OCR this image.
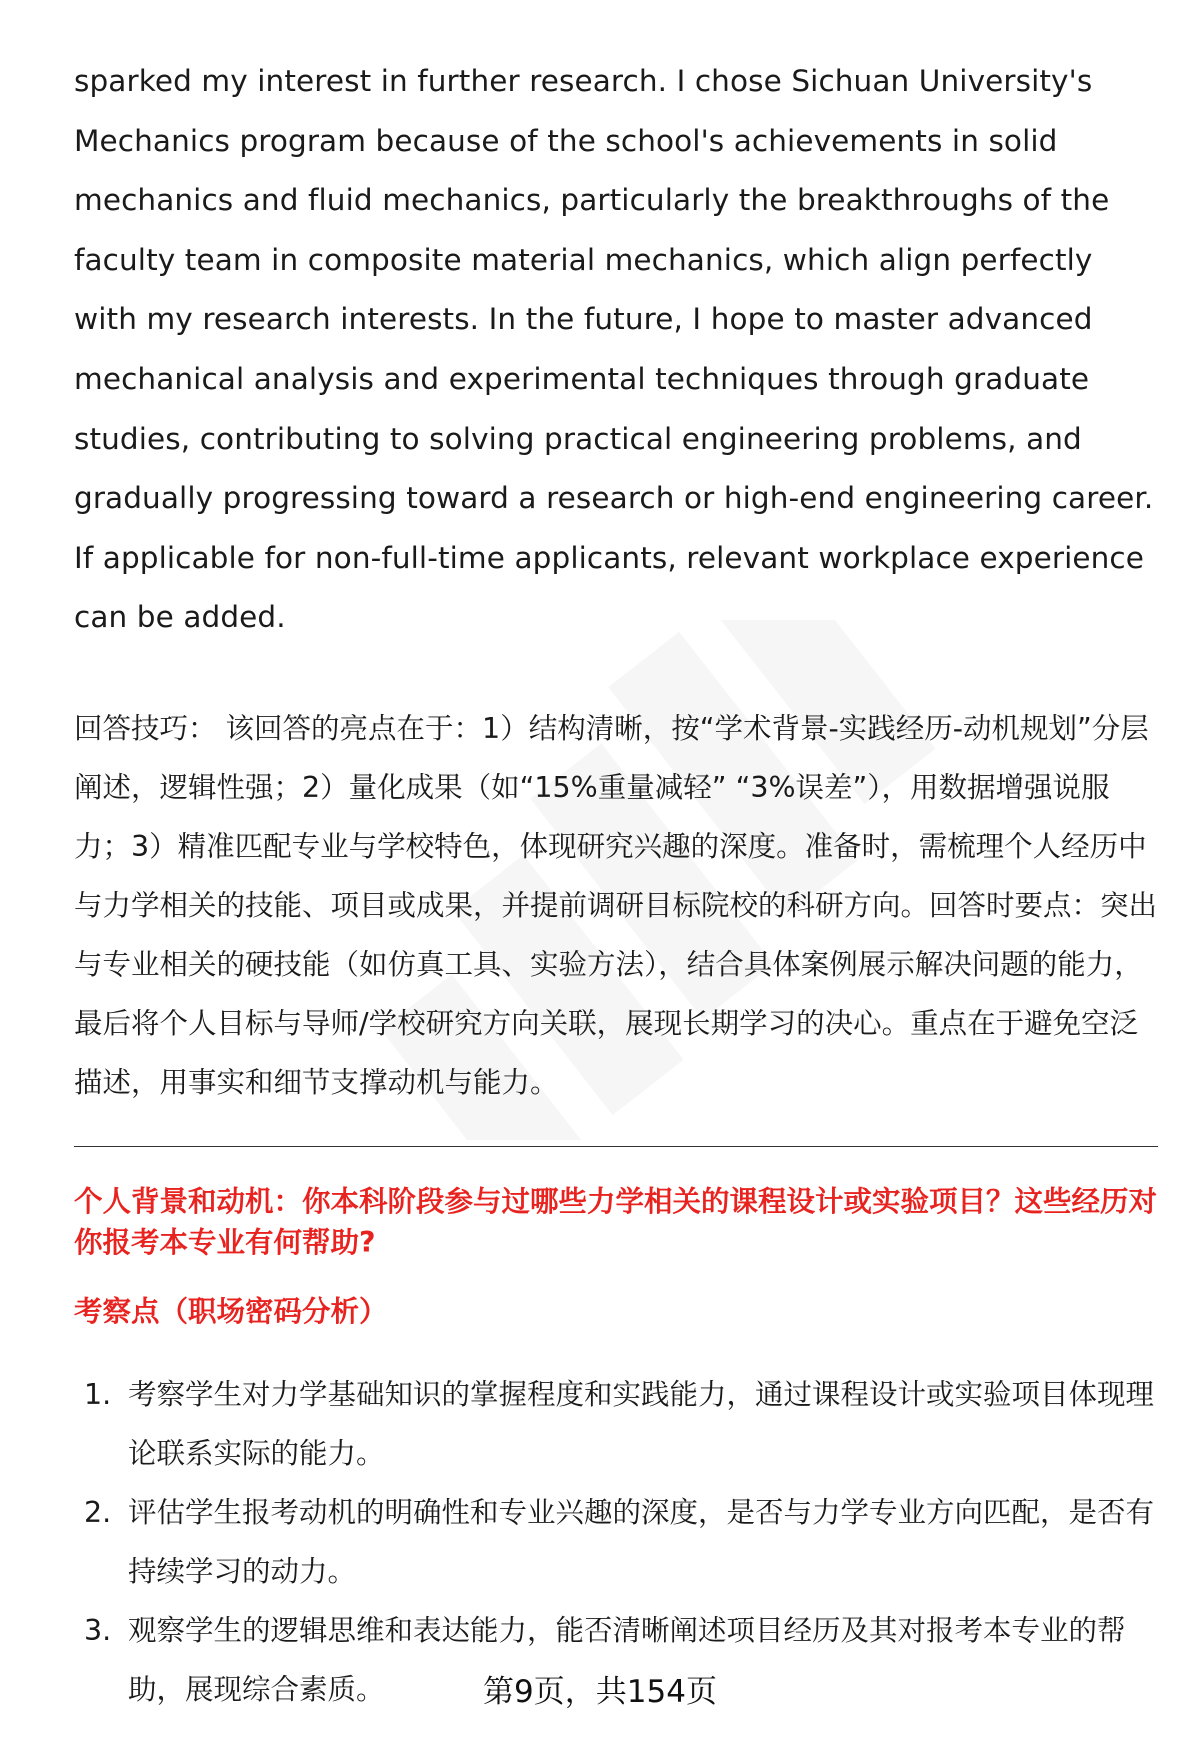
sparked my interest in further research. I chose Sichuan University's Mechanics program because of the school's achievements in solid mechanics and fluid mechanics, particularly the breakthroughs of the faculty team in composite material mechanics, which align perfectly with my research interests. In the future, I hope to master advanced mechanical analysis and experimental techniques through graduate studies, contributing to solving practical engineering problems, and gradually progressing toward a research or high-end engineering career. If applicable for non-full-time applicants, relevant workplace experience can be added.

回答技巧： 该回答的亮点在于：1）结构清晰，按“学术背景-实践经历-动机规划”分层阐述，逻辑性强；2）量化成果（如“15%重量减轻” “3%误差”），用数据增强说服力；3）精准匹配专业与学校特色，体现研究兴趣的深度。准备时，需梳理个人经历中与力学相关的技能、项目或成果，并提前调研目标院校的科研方向。回答时要点：突出与专业相关的硬技能（如仿真工具、实验方法），结合具体案例展示解决问题的能力，最后将个人目标与导师/学校研究方向关联，展现长期学习的决心。重点在于避免空泛描述，用事实和细节支撑动机与能力。

个人背景和动机：你本科阶段参与过哪些力学相关的课程设计或实验项目？这些经历对你报考本专业有何帮助?

考察点（职场密码分析）

1. 考察学生对力学基础知识的掌握程度和实践能力，通过课程设计或实验项目体现理论联系实际的能力。
2. 评估学生报考动机的明确性和专业兴趣的深度，是否与力学专业方向匹配，是否有持续学习的动力。
3. 观察学生的逻辑思维和表达能力，能否清晰阐述项目经历及其对报考本专业的帮助，展现综合素质。	第9页，共154页
